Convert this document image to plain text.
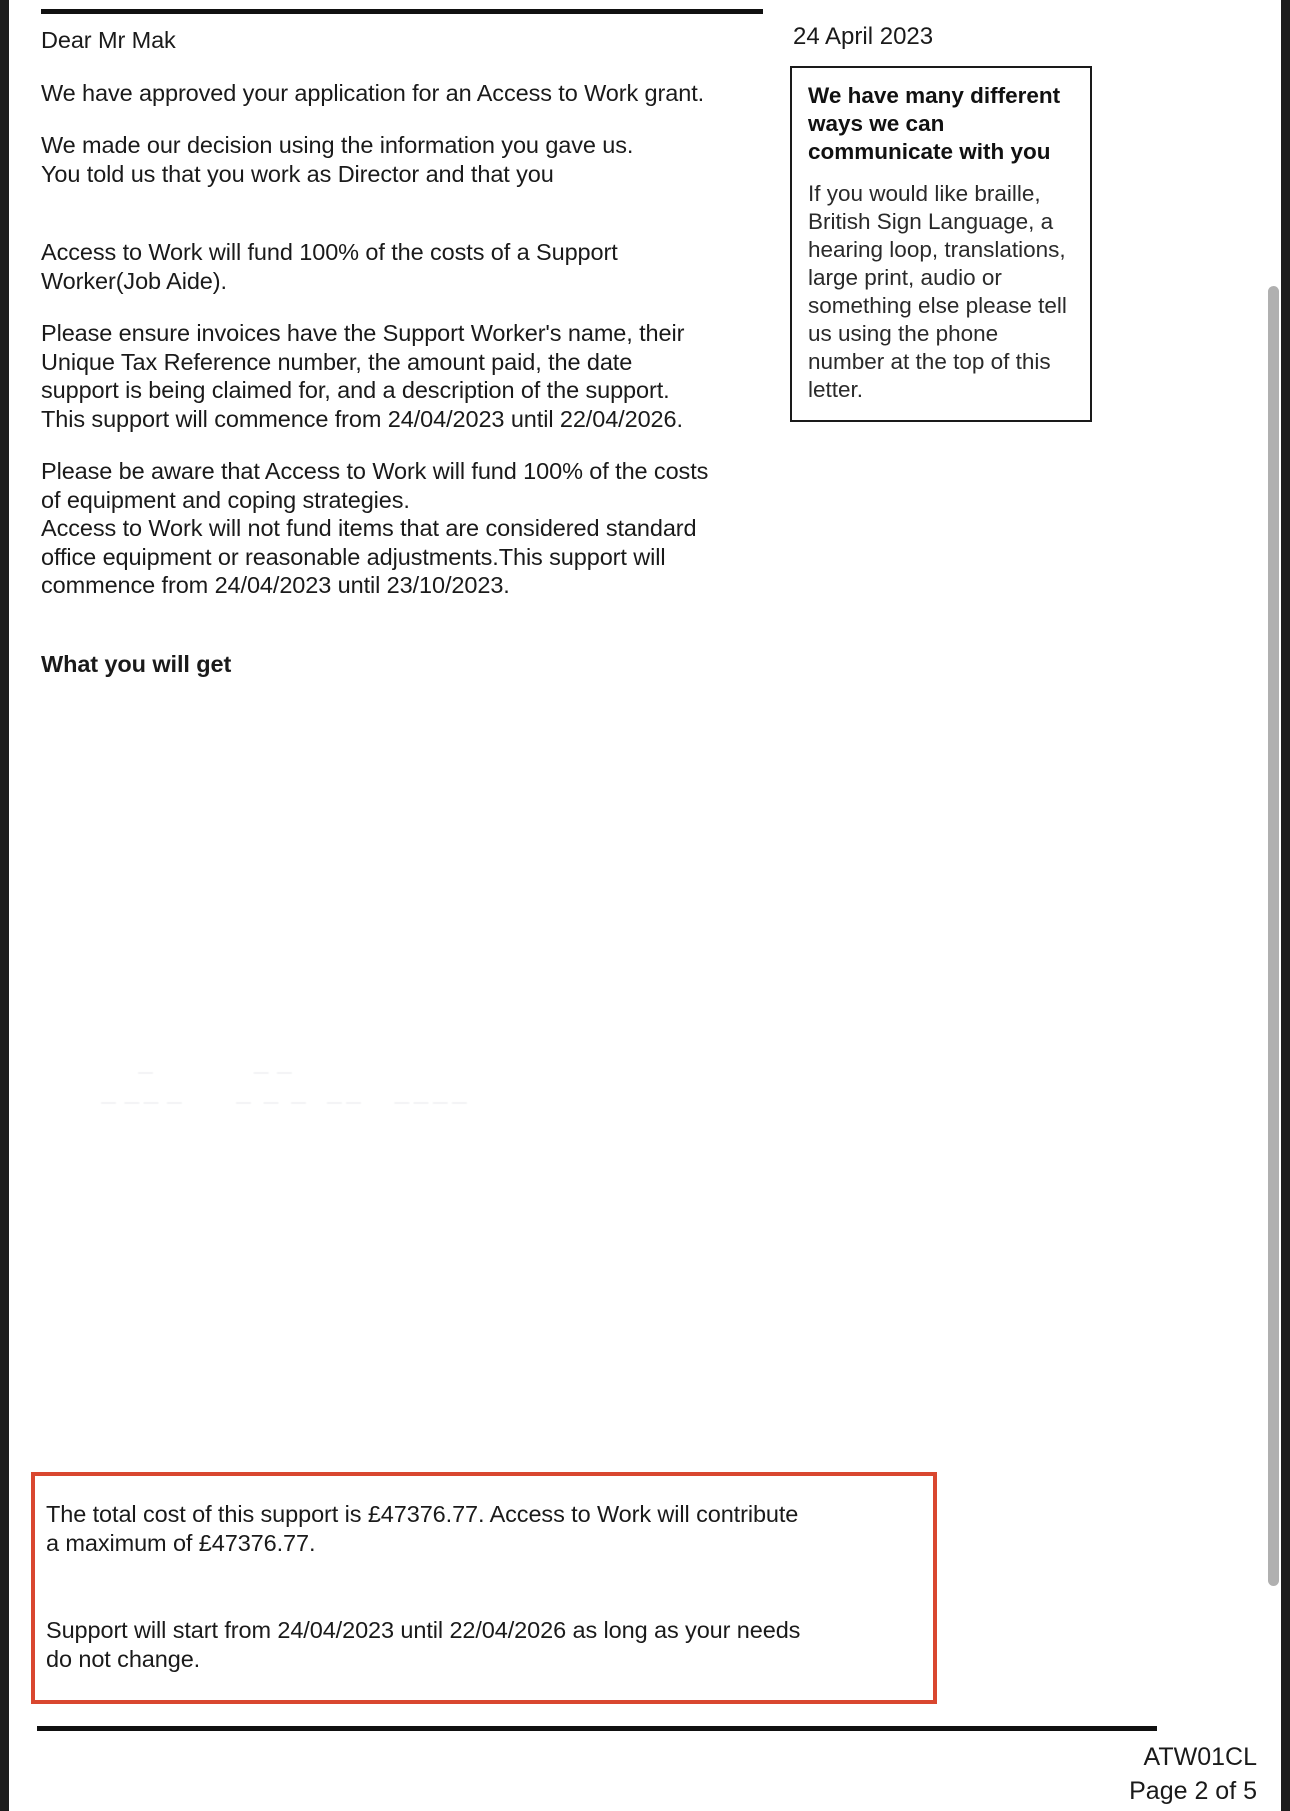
Dear Mr Mak

We have approved your application for an Access to Work grant.

We made our decision using the information you gave us.

You told us that you work as Director and that you

Access to Work will fund 100% of the costs of a Support

Worker(Job Aide).

Please ensure invoices have the Support Worker's name, their

Unique Tax Reference number, the amount paid, the date

support is being claimed for, and a description of the support.

This support will commence from 24/04/2023 until 22/04/2026.

Please be aware that Access to Work will fund 100% of the costs

of equipment and coping strategies.

Access to Work will not fund items that are considered standard

office equipment or reasonable adjustments.This support will

commence from 24/04/2023 until 23/10/2023.

What you will get

24 April 2023

We have many different ways we can communicate with you

If you would like braille, British Sign Language, a hearing loop, translations, large print, audio or something else please tell us using the phone number at the top of this letter.

—                — —
—  — —  —             —   —   —     — —        — — — —

The total cost of this support is £47376.77. Access to Work will contribute

a maximum of £47376.77.

Support will start from 24/04/2023 until 22/04/2026 as long as your needs

do not change.

ATW01CL
Page 2 of 5
